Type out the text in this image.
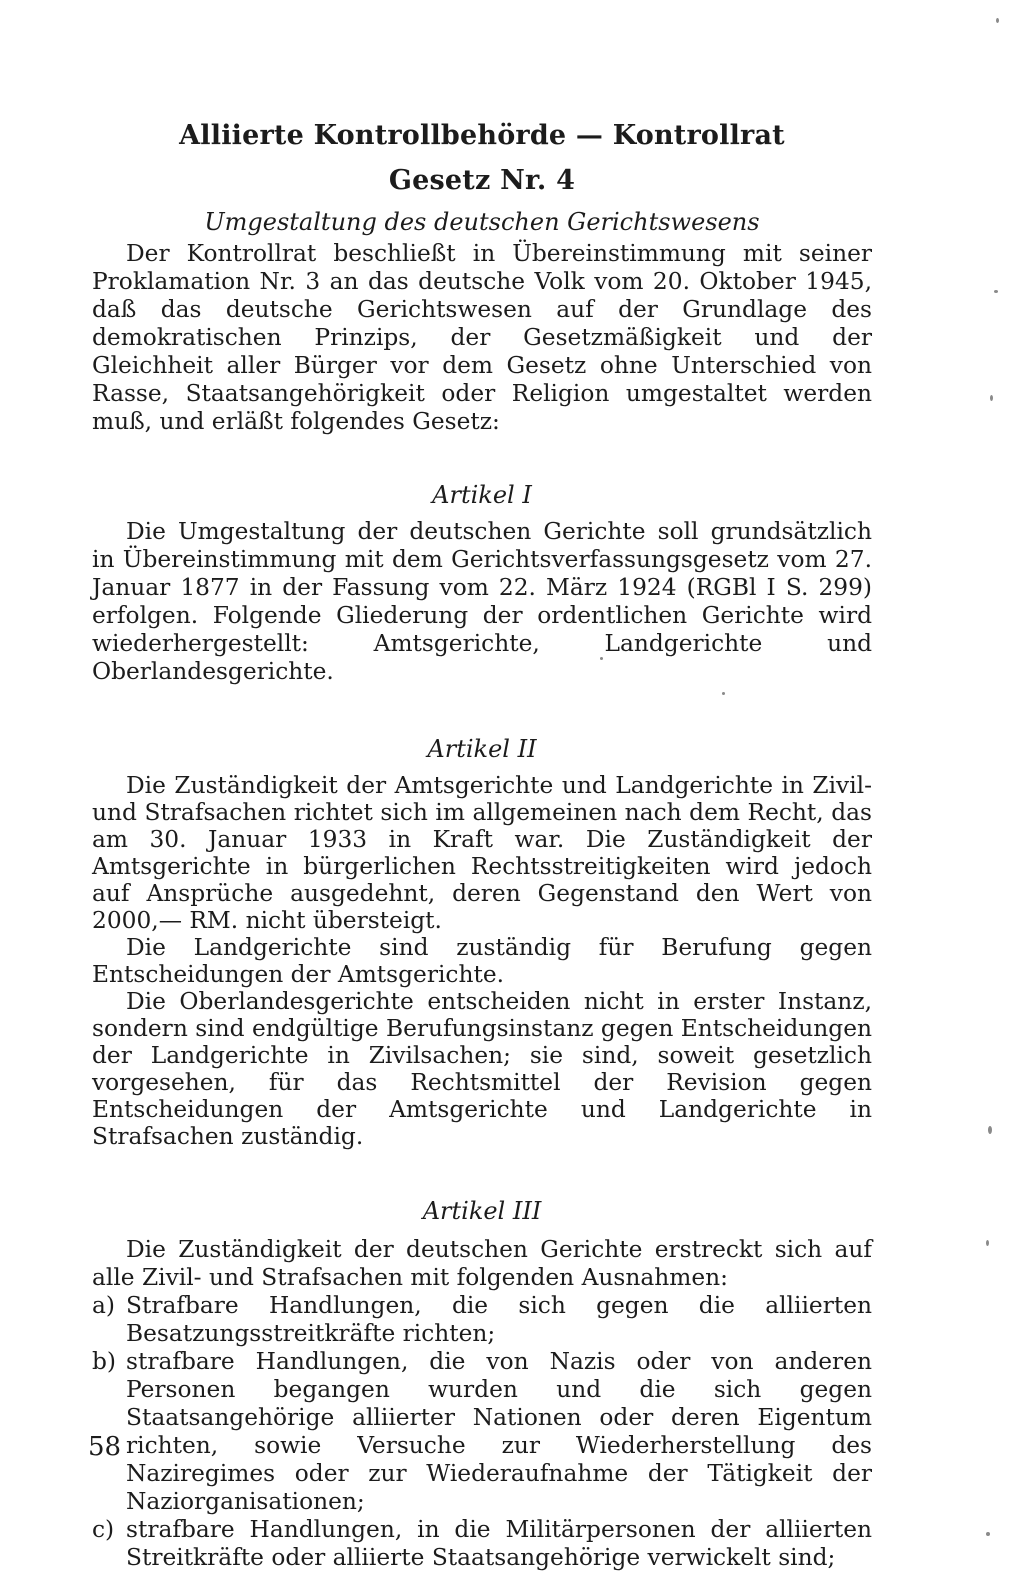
Alliierte Kontrollbehörde — Kontrollrat
Gesetz Nr. 4

Umgestaltung des deutschen Gerichtswesens

Der Kontrollrat beschließt in Übereinstimmung mit seiner Proklamation Nr. 3 an das deutsche Volk vom 20. Oktober 1945, daß das deutsche Gerichtswesen auf der Grundlage des demokratischen Prinzips, der Gesetzmäßigkeit und der Gleichheit aller Bürger vor dem Gesetz ohne Unterschied von Rasse, Staatsangehörigkeit oder Religion umgestaltet werden muß, und erläßt folgendes Gesetz:

Artikel I

Die Umgestaltung der deutschen Gerichte soll grundsätzlich in Übereinstimmung mit dem Gerichtsverfassungsgesetz vom 27. Januar 1877 in der Fassung vom 22. März 1924 (RGBl I S. 299) erfolgen. Folgende Gliederung der ordentlichen Gerichte wird wiederhergestellt: Amtsgerichte, Landgerichte und Oberlandesgerichte.

Artikel II

Die Zuständigkeit der Amtsgerichte und Landgerichte in Zivil- und Strafsachen richtet sich im allgemeinen nach dem Recht, das am 30. Januar 1933 in Kraft war. Die Zuständigkeit der Amtsgerichte in bürgerlichen Rechtsstreitigkeiten wird jedoch auf Ansprüche ausgedehnt, deren Gegenstand den Wert von 2000,— RM. nicht übersteigt.

Die Landgerichte sind zuständig für Berufung gegen Entscheidungen der Amtsgerichte.

Die Oberlandesgerichte entscheiden nicht in erster Instanz, sondern sind endgültige Berufungsinstanz gegen Entscheidungen der Landgerichte in Zivilsachen; sie sind, soweit gesetzlich vorgesehen, für das Rechtsmittel der Revision gegen Entscheidungen der Amtsgerichte und Landgerichte in Strafsachen zuständig.

Artikel III

Die Zuständigkeit der deutschen Gerichte erstreckt sich auf alle Zivil- und Strafsachen mit folgenden Ausnahmen:

a) Strafbare Handlungen, die sich gegen die alliierten Besatzungsstreitkräfte richten;
b) strafbare Handlungen, die von Nazis oder von anderen Personen begangen wurden und die sich gegen Staatsangehörige alliierter Nationen oder deren Eigentum richten, sowie Versuche zur Wiederherstellung des Naziregimes oder zur Wiederaufnahme der Tätigkeit der Naziorganisationen;
c) strafbare Handlungen, in die Militärpersonen der alliierten Streitkräfte oder alliierte Staatsangehörige verwickelt sind;
58
